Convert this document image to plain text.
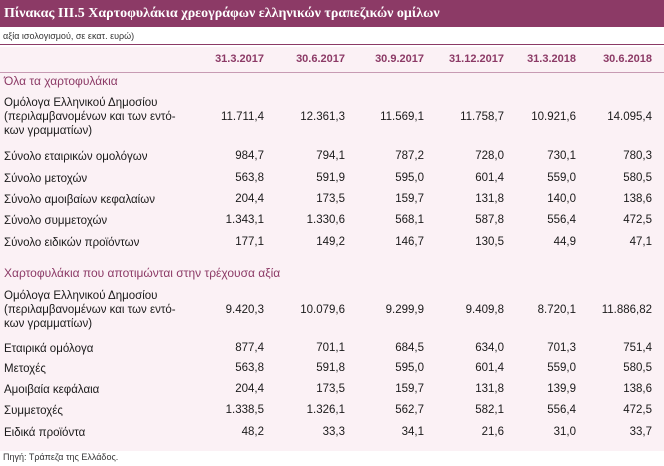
Πίνακας ΙΙΙ.5 Χαρτοφυλάκια χρεογράφων ελληνικών τραπεζικών ομίλων
αξία ισολογισμού, σε εκατ. ευρώ)
31.3.2017	30.6.2017	30.9.2017 31.12.2017 31.3.2018 30.6.2018
Όλα τα χαρτοφυλάκια
Ομόλογα Ελληνικού Δημοσίου
(περιλαμβανομένων και των εντό-
κων γραμματίων)
11.711,4	12.361,3	11.569,1	11.758,7 10.921,6	14.095,4
Σύνολο εταιρικών ομολόγων	984,7	794,1	787,2	728,0	730,1	780,3
Σύνολο μετοχών	563,8	591,9	595,0	601,4	559,0	580,5
Σύνολο αμοιβαίων κεφαλαίων	204,4	173,5	159,7	131,8	140,0	138,6
Σύνολο συμμετοχών	1.343,1	1.330,6	568,1	587,8	556,4	472,5
Σύνολο ειδικών προϊόντων	177,1	149,2	146,7	130,5	44,9	47,1
Χαρτοφυλάκια που αποτιμώνται στην τρέχουσα αξία
Ομόλογα Ελληνικού Δημοσίου
(περιλαμβανομένων και των εντό-
κων γραμματίων)
9.420,3	10.079,6	9.299,9	9.409,8	8.720,1 11.886,82
Εταιρικά ομόλογα	877,4	701,1	684,5	634,0	701,3	751,4
Μετοχές	563,8	591,8	595,0	601,4	559,0	580,5
Αμοιβαία κεφάλαια	204,4	173,5	159,7	131,8	139,9	138,6
Συμμετοχές	1.338,5	1.326,1	562,7	582,1	556,4	472,5
Ειδικά προϊόντα	48,2	33,3	34,1	21,6	31,0	33,7
Πηγή: Τράπεζα της Ελλάδος.
